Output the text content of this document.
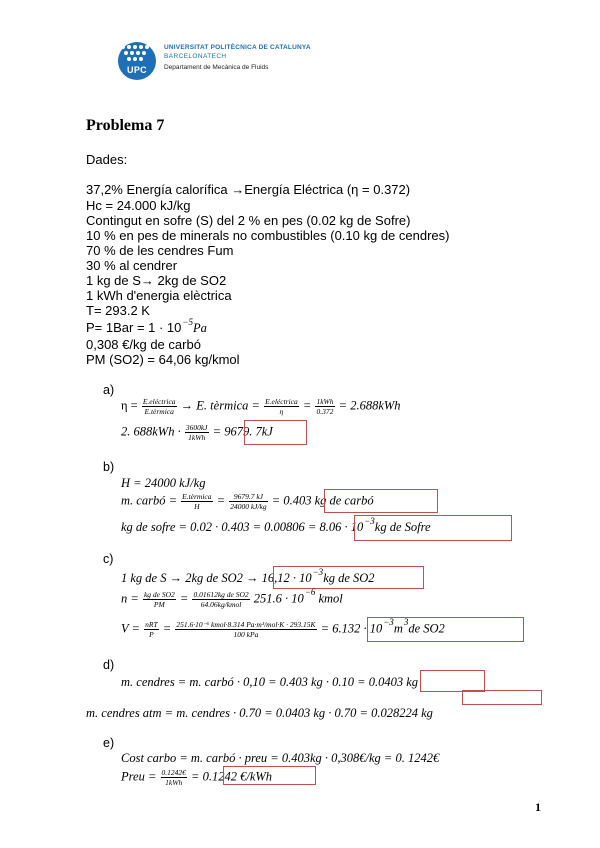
UPC
UNIVERSITAT POLITÈCNICA DE CATALUNYA
BARCELONATECH
Departament de Mecànica de Fluids
Problema 7
Dades:
37,2% Energía calorífica →Energía Eléctrica (η = 0.372)
Hc = 24.000 kJ/kg
Contingut en sofre (S) del 2 % en pes (0.02 kg de Sofre)
10 % en pes de minerals no combustibles (0.10 kg de cendres)
70 % de les cendres Fum
30 % al cendrer
1 kg de S→ 2kg de SO2
1 kWh d'energia elèctrica
T= 293.2 K
$P= 1Bar = 1 \cdot 10^{-5}Pa$
0,308 €/kg de carbó
PM (SO2) = 64,06 kg/kmol
a)
$\eta = \frac{\text{E.eléctrica}}{\text{E.tèrmica}} \to E$. tèrmica = $\frac{\text{E.eléctrica}}{\eta} = \frac{\text{1kWh}}{0.372} = 2.688kWh$
2. $688kWh \cdot \frac{3600kJ}{\text{1kWh}} = 9679$. 7kJ
b)
H = 24000 kJ/kg
m. carbó = $\frac{\text{E.tèrmica}}{H} = \frac{9679.7 kJ}{24000 kJ/kg} = 0.403$ kg de carbó
kg de sofre = $0.02 \cdot 0.403 = 0.00806 = 8.06 \cdot 10^{-3}kg$ de Sofre
c)
1 kg de S → 2kg de $SO2 \to 16,12 \cdot 10^{-3}kg$ de SO2
$n = \frac{\text{kg de SO2}}{PM} = \frac{\text{0.01612kg de SO2}}{\text{64.06kg/kmol}} 251.6 \cdot 10^{-6}$ kmol
$V = \frac{\text{nRT}}{P} = \frac{\text{251.6·10⁻⁶ kmol·8.314 Pa·m³/mol·K · 293.15K}}{\text{100 kPa}} = 6.132 \cdot 10^{-3}m^3de$ SO2
d)
m. cendres = m. carbó · 0,10 = 0.403 kg · 0.10 = 0.0403 kg
m. cendres atm = m. cendres · 0.70 = 0.0403 kg · 0.70 = 0.028224 kg
e)
Cost carbo = m. carbó · preu = 0.403kg · 0,308€/kg = 0. 1242€
Preu = $\frac{0.1242€}{\text{1kWh}} = 0.1242$ €/kWh
1
